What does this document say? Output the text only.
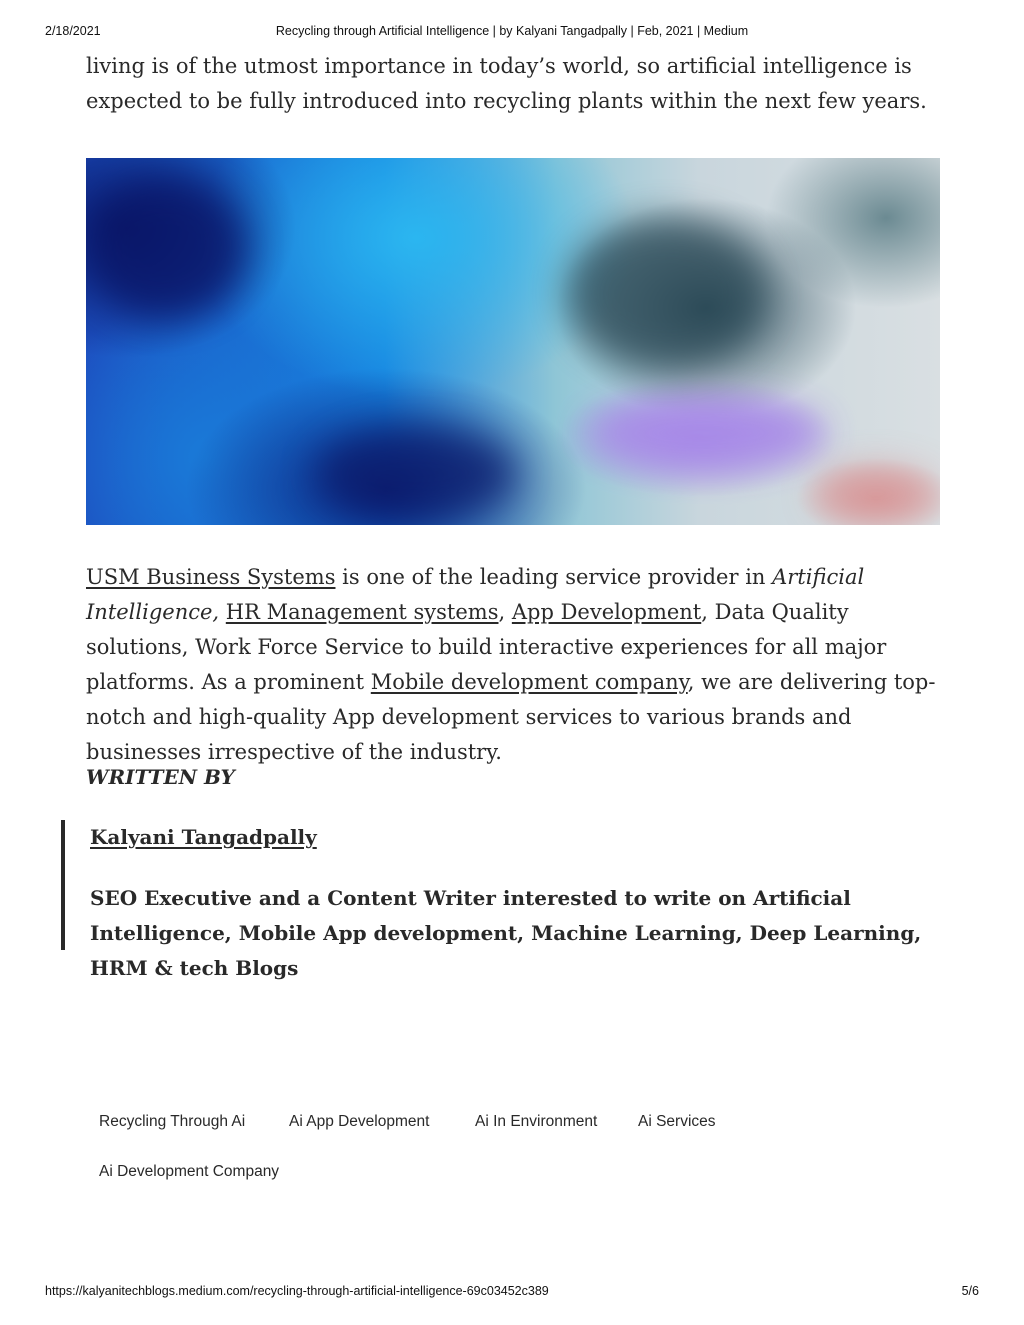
2/18/2021	Recycling through Artificial Intelligence | by Kalyani Tangadpally | Feb, 2021 | Medium

living is of the utmost importance in today’s world, so artificial intelligence is expected to be fully introduced into recycling plants within the next few years.

USM Business Systems is one of the leading service provider in Artificial Intelligence, HR Management systems, App Development, Data Quality solutions, Work Force Service to build interactive experiences for all major platforms. As a prominent Mobile development company, we are delivering top-notch and high-quality App development services to various brands and businesses irrespective of the industry.

WRITTEN BY
Kalyani Tangadpally
SEO Executive and a Content Writer interested to write on Artificial Intelligence, Mobile App development, Machine Learning, Deep Learning, HRM & tech Blogs
Recycling Through Ai	Ai App Development	Ai In Environment	Ai Services
Ai Development Company
https://kalyanitechblogs.medium.com/recycling-through-artificial-intelligence-69c03452c389	5/6
